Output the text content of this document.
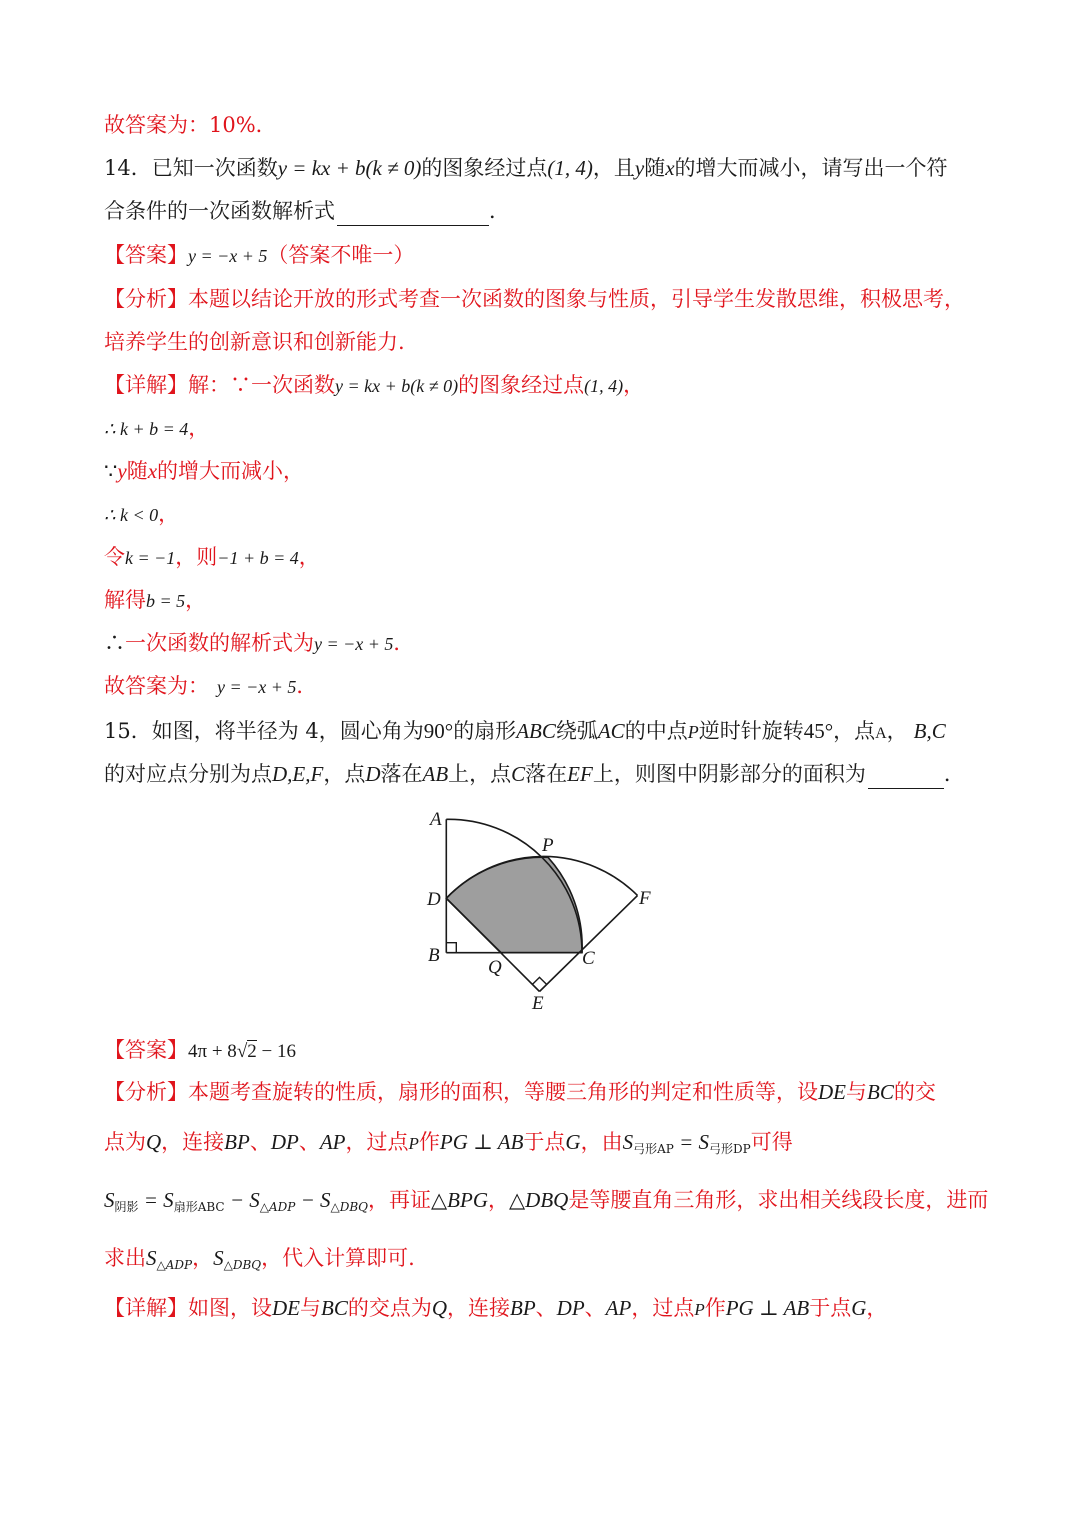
故答案为：10%．
14．已知一次函数y = kx + b(k ≠ 0)的图象经过点(1, 4)，且y随x的增大而减小，请写出一个符
合条件的一次函数解析式	．
【答案】y = −x + 5（答案不唯一）
【分析】本题以结论开放的形式考查一次函数的图象与性质，引导学生发散思维，积极思考，
培养学生的创新意识和创新能力.
【详解】解：∵一次函数y = kx + b(k ≠ 0)的图象经过点(1, 4)，
∴ k + b = 4，
∵y随x的增大而减小，
∴ k < 0，
令k = −1，则−1 + b = 4，
解得b = 5，
∴一次函数的解析式为y = −x + 5．
故答案为： y = −x + 5．
15．如图，将半径为 4，圆心角为90°的扇形ABC绕弧AC的中点P逆时针旋转45°，点A， B,C
的对应点分别为点D,E,F，点D落在AB上，点C落在EF上，则图中阴影部分的面积为	．
A
P
D	F
B
Q	C
E
【答案】4π + 8√2 − 16
【分析】本题考查旋转的性质，扇形的面积，等腰三角形的判定和性质等，设DE与BC的交
点为Q，连接BP、DP、AP，过点P作PG ⊥ AB于点G，由S弓形AP = S弓形DP可得
S阴影 = S扇形ABC − $S_{\triangle ADP} - S_{\triangle DBQ}$，再证△BPG，△DBQ是等腰直角三角形，求出相关线段长度，进而
求出$S_{\triangle ADP}$，$S_{\triangle DBQ}$，代入计算即可.
【详解】如图，设DE与BC的交点为Q，连接BP、DP、AP，过点P作PG ⊥ AB于点G，
